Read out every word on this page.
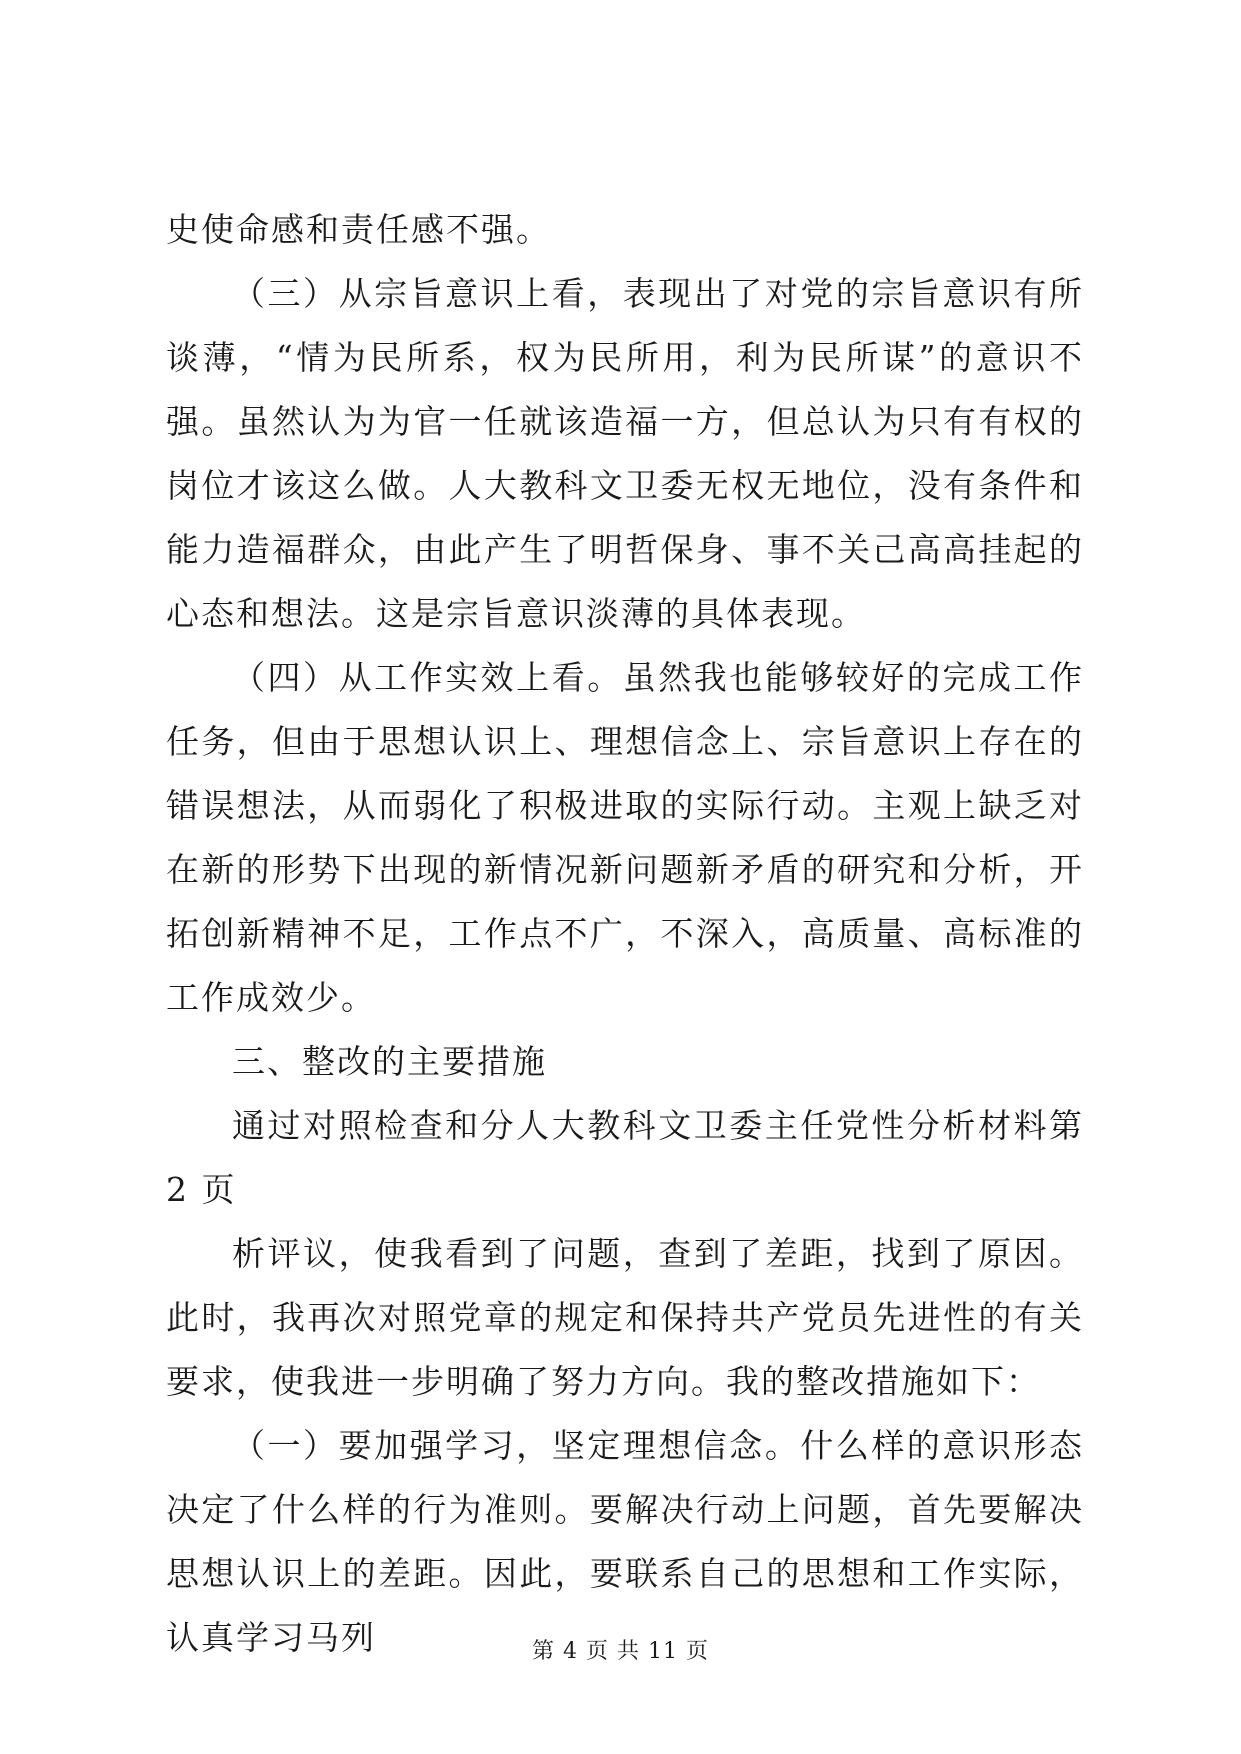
史使命感和责任感不强。

（三）从宗旨意识上看，表现出了对党的宗旨意识有所谈薄，“情为民所系，权为民所用，利为民所谋”的意识不强。虽然认为为官一任就该造福一方，但总认为只有有权的岗位才该这么做。人大教科文卫委无权无地位，没有条件和能力造福群众，由此产生了明哲保身、事不关己高高挂起的心态和想法。这是宗旨意识淡薄的具体表现。

（四）从工作实效上看。虽然我也能够较好的完成工作任务，但由于思想认识上、理想信念上、宗旨意识上存在的错误想法，从而弱化了积极进取的实际行动。主观上缺乏对在新的形势下出现的新情况新问题新矛盾的研究和分析，开拓创新精神不足，工作点不广，不深入，高质量、高标准的工作成效少。

三、整改的主要措施

通过对照检查和分人大教科文卫委主任党性分析材料第 2 页

析评议，使我看到了问题，查到了差距，找到了原因。此时，我再次对照党章的规定和保持共产党员先进性的有关要求，使我进一步明确了努力方向。我的整改措施如下：

（一）要加强学习，坚定理想信念。什么样的意识形态决定了什么样的行为准则。要解决行动上问题，首先要解决思想认识上的差距。因此，要联系自己的思想和工作实际，认真学习马列	第 4 页 共 11 页
